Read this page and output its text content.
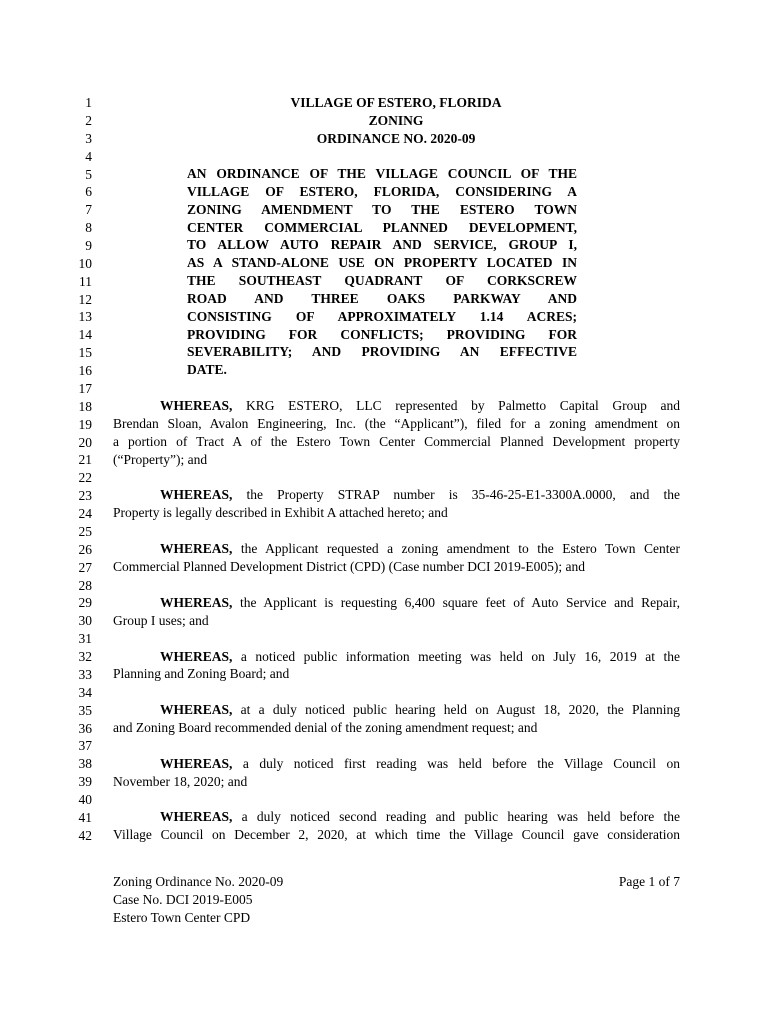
1
2
3
4
5
6
7
8
9
10
11
12
13
14
15
16
17
18
19
20
21
22
23
24
25
26
27
28
29
30
31
32
33
34
35
36
37
38
39
40
41
42
VILLAGE OF ESTERO, FLORIDA
ZONING
ORDINANCE NO. 2020-09
AN ORDINANCE OF THE VILLAGE COUNCIL OF THE
VILLAGE OF ESTERO, FLORIDA, CONSIDERING A
ZONING AMENDMENT TO THE ESTERO TOWN
CENTER COMMERCIAL PLANNED DEVELOPMENT,
TO ALLOW AUTO REPAIR AND SERVICE, GROUP I,
AS A STAND-ALONE USE ON PROPERTY LOCATED IN
THE SOUTHEAST QUADRANT OF CORKSCREW
ROAD AND THREE OAKS PARKWAY AND
CONSISTING OF APPROXIMATELY 1.14 ACRES;
PROVIDING FOR CONFLICTS; PROVIDING FOR
SEVERABILITY; AND PROVIDING AN EFFECTIVE
DATE.
WHEREAS, KRG ESTERO, LLC represented by Palmetto Capital Group and
Brendan Sloan, Avalon Engineering, Inc. (the “Applicant”), filed for a zoning amendment on
a portion of Tract A of the Estero Town Center Commercial Planned Development property
(“Property”); and
WHEREAS, the Property STRAP number is 35-46-25-E1-3300A.0000, and the
Property is legally described in Exhibit A attached hereto; and
WHEREAS, the Applicant requested a zoning amendment to the Estero Town Center
Commercial Planned Development District (CPD) (Case number DCI 2019-E005); and
WHEREAS, the Applicant is requesting 6,400 square feet of Auto Service and Repair,
Group I uses; and
WHEREAS, a noticed public information meeting was held on July 16, 2019 at the
Planning and Zoning Board; and
WHEREAS, at a duly noticed public hearing held on August 18, 2020, the Planning
and Zoning Board recommended denial of the zoning amendment request; and
WHEREAS, a duly noticed first reading was held before the Village Council on
November 18, 2020; and
WHEREAS, a duly noticed second reading and public hearing was held before the
Village Council on December 2, 2020, at which time the Village Council gave consideration
Zoning Ordinance No. 2020-09
Case No. DCI 2019-E005
Estero Town Center CPD
Page 1 of 7
